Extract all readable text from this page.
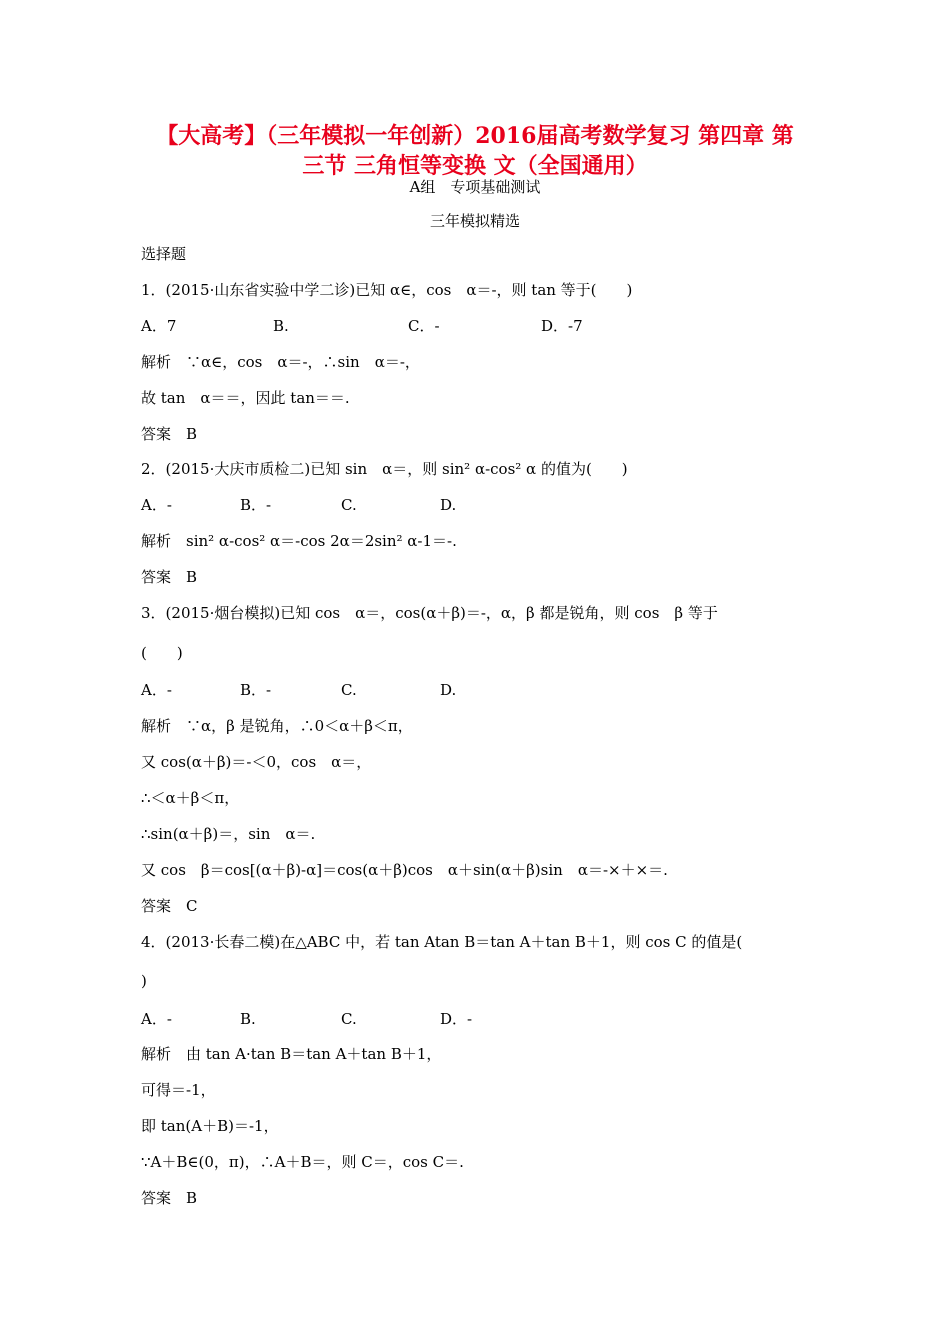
【大高考】（三年模拟一年创新）2016届高考数学复习 第四章 第
三节 三角恒等变换 文（全国通用）
A组　专项基础测试
三年模拟精选
选择题
1．(2015·山东省实验中学二诊)已知 α∈，cos　α＝-，则 tan 等于(　　)
A．7	B.	C．-	D．-7
解析　∵α∈，cos　α＝-，∴sin　α＝-，
故 tan　α＝＝，因此 tan＝＝.
答案　B
2．(2015·大庆市质检二)已知 sin　α＝，则 sin² α-cos² α 的值为(　　)
A．-	B．-	C.	D.
解析　sin² α-cos² α＝-cos 2α＝2sin² α-1＝-.
答案　B
3．(2015·烟台模拟)已知 cos　α＝，cos(α＋β)＝-，α，β 都是锐角，则 cos　β 等于
(　　)
A．-	B．-	C.	D.
解析　∵α，β 是锐角，∴0＜α＋β＜π，
又 cos(α＋β)＝-＜0，cos　α＝，
∴＜α＋β＜π，
∴sin(α＋β)＝，sin　α＝.
又 cos　β＝cos[(α＋β)-α]＝cos(α＋β)cos　α＋sin(α＋β)sin　α＝-×＋×＝.
答案　C
4．(2013·长春二模)在△ABC 中，若 tan Atan B＝tan A＋tan B＋1，则 cos C 的值是(
)
A．-	B.	C.	D．-
解析　由 tan A·tan B＝tan A＋tan B＋1，
可得＝-1，
即 tan(A＋B)＝-1，
∵A＋B∈(0，π)，∴A＋B＝，则 C＝，cos C＝.
答案　B
